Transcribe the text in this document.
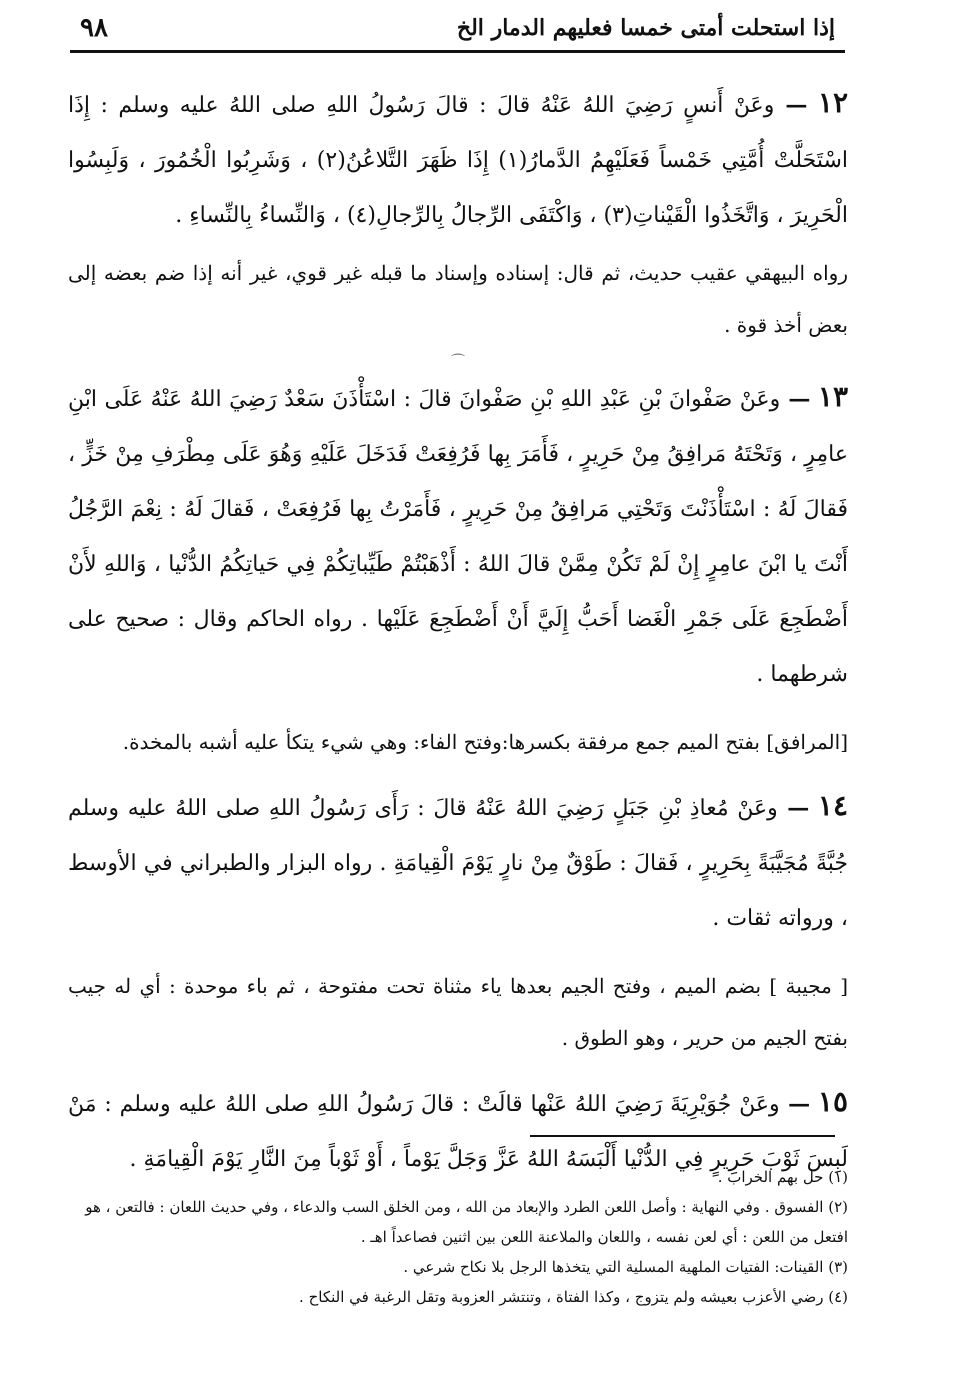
إذا استحلت أمتى خمسا فعليهم الدمار الخ
٩٨

١٢ — وعَنْ أَنسٍ رَضِيَ اللهُ عَنْهُ قالَ : قالَ رَسُولُ اللهِ صلى اللهُ عليه وسلم : إِذَا اسْتَحَلَّتْ أُمَّتِي خَمْساً فَعَلَيْهِمُ الدَّمارُ(١) إِذَا ظَهَرَ التَّلاعُنُ(٢) ، وَشَرِبُوا الْخُمُورَ ، وَلَبِسُوا الْحَرِيرَ ، وَاتَّخَذُوا الْقَيْناتِ(٣) ، وَاكْتَفَى الرِّجالُ بِالرِّجالِ(٤) ، وَالنِّساءُ بِالنِّساءِ .

رواه البيهقي عقيب حديث، ثم قال: إسناده وإسناد ما قبله غير قوي، غير أنه إذا ضم بعضه إلى بعض أخذ قوة .

⌒

١٣ — وعَنْ صَفْوانَ بْنِ عَبْدِ اللهِ بْنِ صَفْوانَ قالَ : اسْتَأْذَنَ سَعْدٌ رَضِيَ اللهُ عَنْهُ عَلَى ابْنِ عامِرٍ ، وَتَحْتَهُ مَرافِقُ مِنْ حَرِيرٍ ، فَأَمَرَ بِها فَرُفِعَتْ فَدَخَلَ عَلَيْهِ وَهُوَ عَلَى مِطْرَفِ مِنْ خَزٍّ ، فَقالَ لَهُ : اسْتَأْذَنْتَ وَتَحْتِي مَرافِقُ مِنْ حَرِيرٍ ، فَأَمَرْتُ بِها فَرُفِعَتْ ، فَقالَ لَهُ : نِعْمَ الرَّجُلُ أَنْتَ يا ابْنَ عامِرٍ إِنْ لَمْ تَكُنْ مِمَّنْ قالَ اللهُ : أَذْهَبْتُمْ طَيِّباتِكُمْ فِي حَياتِكُمُ الدُّنْيا ، وَاللهِ لأَنْ أَضْطَجِعَ عَلَى جَمْرِ الْغَضا أَحَبُّ إِلَيَّ أَنْ أَضْطَجِعَ عَلَيْها . رواه الحاكم وقال : صحيح على شرطهما .

[المرافق] بفتح الميم جمع مرفقة بكسرها:وفتح الفاء: وهي شيء يتكأ عليه أشبه بالمخدة.

١٤ — وعَنْ مُعاذِ بْنِ جَبَلٍ رَضِيَ اللهُ عَنْهُ قالَ : رَأَى رَسُولُ اللهِ صلى اللهُ عليه وسلم جُبَّةً مُجَيَّبَةً بِحَرِيرٍ ، فَقالَ : طَوْقٌ مِنْ نارٍ يَوْمَ الْقِيامَةِ . رواه البزار والطبراني في الأوسط ، ورواته ثقات .

[ مجيبة ] بضم الميم ، وفتح الجيم بعدها ياء مثناة تحت مفتوحة ، ثم باء موحدة : أي له جيب بفتح الجيم من حرير ، وهو الطوق .

١٥ — وعَنْ جُوَيْرِيَةَ رَضِيَ اللهُ عَنْها قالَتْ : قالَ رَسُولُ اللهِ صلى اللهُ عليه وسلم : مَنْ لَبِسَ ثَوْبَ حَرِيرٍ فِي الدُّنْيا أَلْبَسَهُ اللهُ عَزَّ وَجَلَّ يَوْماً ، أَوْ ثَوْباً مِنَ النَّارِ يَوْمَ الْقِيامَةِ .

(١) حل بهم الخراب .

(٢) الفسوق . وفي النهاية : وأصل اللعن الطرد والإبعاد من الله ، ومن الخلق السب والدعاء ، وفي حديث اللعان : فالتعن ، هو افتعل من اللعن : أي لعن نفسه ، واللعان والملاعنة اللعن بين اثنين فصاعداً اهـ .

(٣) القينات: الفتيات الملهية المسلية التي يتخذها الرجل بلا نكاح شرعي .

(٤) رضي الأعزب بعيشه ولم يتزوج ، وكذا الفتاة ، وتنتشر العزوبة وتقل الرغبة في النكاح .
